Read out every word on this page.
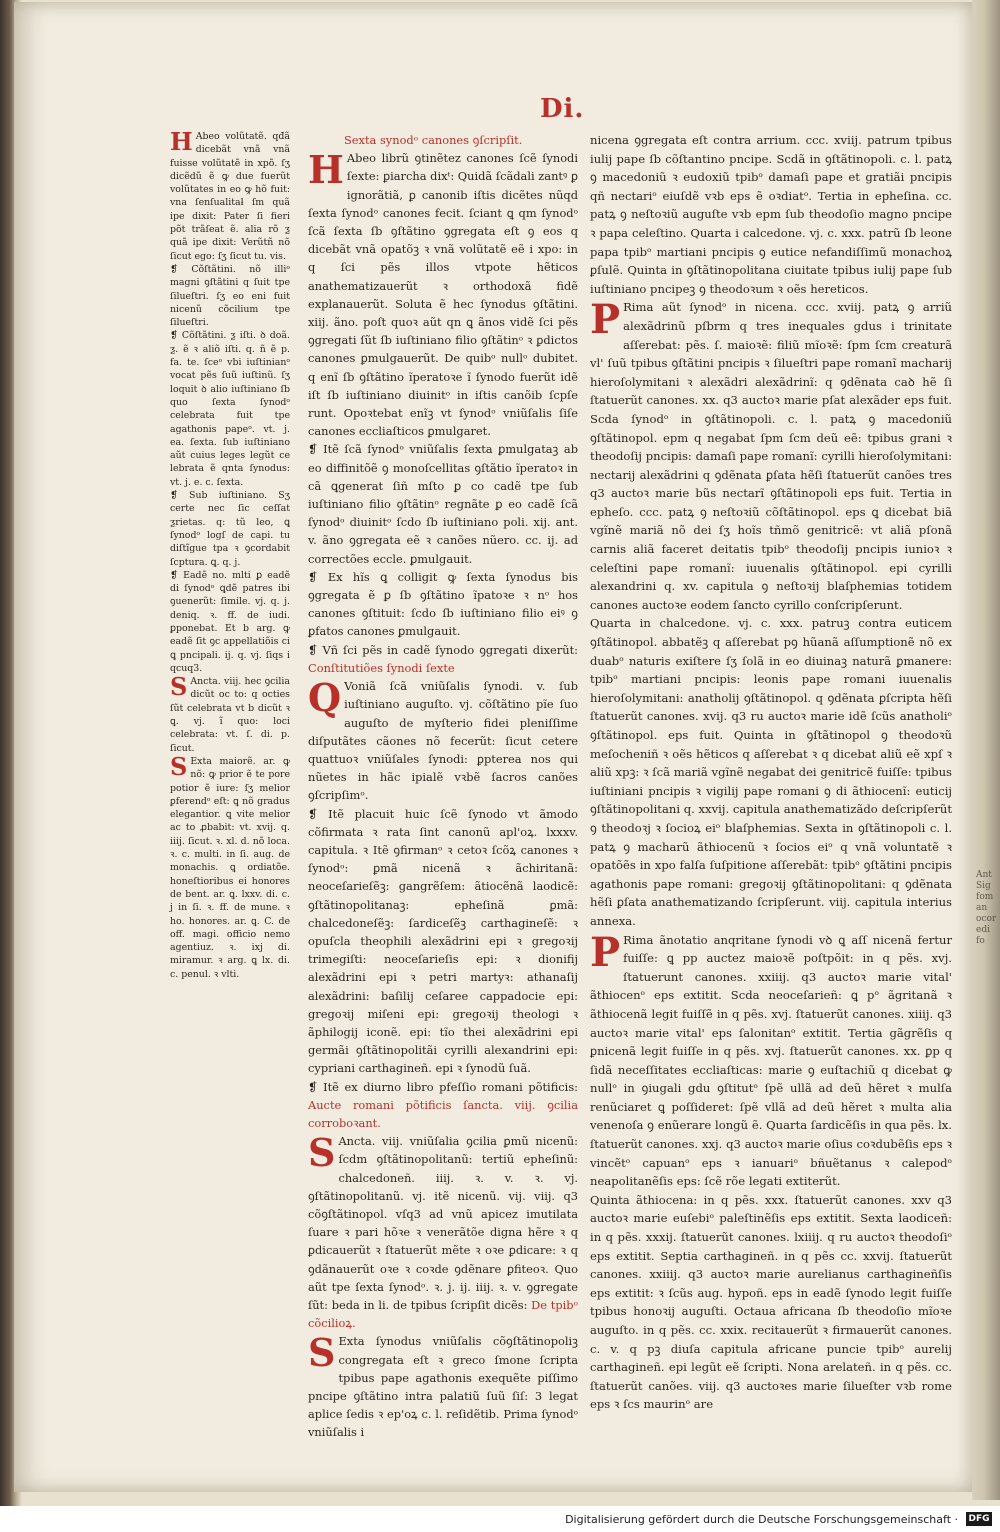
Ant Sig fom an ocor edi fo
Di.

H Abeo volũtatẽ. qđã dicebãt vnã vnã fuisse volũtatẽ in xpõ. ſʒ dicẽdũ ẽ ꝙ due fuerũt volũtates in eo ꝙ hõ fuit: vna ſenſualitaƚ ſm quã ipe dixit: Pater ſi fieri põt trãſeat ẽ. alia rõ ƺ quã ipe dixit: Verũtñ nõ ſicut ego: ſʒ ſicut tu. vis.

❡ Cõſtãtini. nõ illiᵒ magni ꝯſtãtini q ſuit tpe ſilueſtri. ſʒ eo eni fuit nicenũ cõcilium tpe ſilueſtri.

❡ Cõſtãtini. ƺ iſti. ꝺ doã. ƺ. ẽ ꝛ aliõ iſti. q. ñ ẽ p. fa. te. ſceᵒ vbi iuſtinianᵒ vocat pẽs ſuũ iuſtinũ. ſʒ loquit ꝺ alio iuſtiniano ſb quo ſexta ſynodᵒ celebrata fuit tpe agathonis papeᵒ. vt. j. ea. ſexta. ſub iuſtiniano aũt cuius leges legũt ce lebrata ẽ qnta ſynodus: vt. j. e. c. ſexta.

❡ Sub iuſtiniano. Sʒ certe nec ſic ceſſat ƺrietas. q: tũ leo, ꝗ ſynodᵒ logſ de capi. tu diſtĩgue tpa ꝛ ꝯcordabit ſcptura. ꝗ. q. j.

❡ Eadẽ no. mlti ꝑ eadẽ di ſynodᵒ ꝗdẽ patres ibi ꝯuenerũt: ſimile. vj. q. j. deniq. ꝛ. ff. de iudi. ꝑponebat. Et b arg. ꝙ eadẽ ſit ꝯc appellatiõis ci ꝗ pncipali. ij. q. vj. ſiqs i qcuq3.

S Ancta. viij. hec ꝯcilia dicũt oc to: q octies ſũt celebrata vt b dicũt ꝛ ꝗ. vj. ĩ quo: loci celebrata: vt. ſ. di. p. ſicut.

S Exta maiorẽ. ar. ꝙ nõ: ꝙ prior ẽ te pore potior ẽ iure: ſʒ melior ꝑferendᵒ eſt: ꝗ nõ gradus elegantior. ꝗ vite melior ac to ꝓbabit: vt. xvij. q. iiij. ſicut. ꝛ. xl. d. nõ loca. ꝛ. c. multi. in ſi. aug. de monachis. ꝗ ordiatõe. honeſtioribus ei honores de bent. ar. ꝗ. lxxv. di. c. j in ſi. ꝛ. ff. de mune. ꝛ ho. honores. ar. ꝗ. C. de off. magi. officio nemo agentiuz. ꝛ. ixj di. miramur. ꝛ arg. ꝗ lx. di. c. penul. ꝛ vlti.

Sexta synodᵒ canones ꝯſcripſit.

H Abeo librũ ꝯtinẽtez canones ſcẽ ſynodi ſexte: ꝑiarcha dixᵗ: Quidã ſcãdali zantꝰ ꝑ ignorãtiã, ꝑ canonib iſtis dicẽtes nũqd ſexta ſynodᵒ canones fecit. ſciant ꝗ qm ſynodᵒ ſcã ſexta ſb ꝯſtãtino ꝯgregata eſt ꝯ eos q dicebãt vnã opatõꝫ ꝛ vnã volũtatẽ eẽ i xpo: in q ſci pẽs illos vtpote hẽticos anathematizauerũt ꝛ orthodoxã fidẽ explanauerũt. Soluta ẽ hec ſynodus ꝯſtãtini. xiij. ãno. poſt quoꝛ aũt qn ꝗ ãnos vidẽ ſci pẽs ꝯgregati ſũt ſb iuſtiniano filio ꝯſtãtinᵒ ꝛ ꝑdictos canones ꝑmulgauerũt. De quibᵒ nullᵒ dubitet. q enĩ ſb ꝯſtãtino ĩperatoꝛe ĩ ſynodo fuerũt idẽ iſt ſb iuſtiniano diuinitᵒ in iſtis canõib ſcpſe runt. Opoꝛtebat enĩꝫ vt ſynodᵒ vniũſalis ſiſe canones eccliaſticos ꝑmulgaret.

❡ Itẽ ſcã ſynodᵒ vniũſalis ſexta ꝑmulgataꝫ ab eo diffinitõẽ ꝯ monoſcellitas ꝯſtãtio ĩperatoꝛ in cã ꝗgenerat ſiñ mſto ꝑ co cadẽ tpe ſub iuſtiniano filio ꝯſtãtinᵒ regnãte ꝑ eo cadẽ ſcã ſynodᵒ diuinitᵒ ſcdo ſb iuſtiniano poli. xij. ant. v. ãno ꝯgregata eẽ ꝛ canões nũero. cc. ij. ad correctões eccle. ꝑmulgauit.

❡ Ex hĩs ꝗ colligit ꝙ ſexta ſynodus bis ꝯgregata ẽ ꝑ ſb ꝯſtãtino ĩpatoꝛe ꝛ nᵒ hos canones ꝯſtituit: ſcdo ſb iuſtiniano filio eiꝰ ꝯ ꝑfatos canones ꝑmulgauit.

❡ Vñ ſci pẽs in cadẽ ſynodo ꝯgregati dixerũt: Conſtitutiões ſynodi ſexte

Q Voniã ſcã vniũſalis ſynodi. v. ſub iuſtiniano auguſto. vj. cõſtãtino pĩe ſuo auguſto de myſterio fidei pleniſſime diſputãtes cãones nõ fecerũt: ſicut cetere quattuoꝛ vniũſales ſynodi: ꝑpterea nos qui nũetes in hãc ipialẽ vꝛbẽ ſacros canões ꝯſcripſimᵒ.

❡ Itẽ placuit huic ſcẽ ſynodo vt ãmodo cõfirmata ꝛ rata ſint canonũ apl'oꝝ. lxxxv. capitula. ꝛ Itẽ ꝯfirmanᵒ ꝛ cetoꝛ ſcõꝝ canones ꝛ ſynodᵒ: ꝑmã nicenã ꝛ ãchiritanã: neoceſarieſẽꝫ: gangrẽſem: ãtiocẽnã laodicẽ: ꝯſtãtinopolitanaꝫ: epheſinã ꝑmã: chalcedoneſẽꝫ: ſardiceſẽꝫ carthagineſẽ: ꝛ opuſcla theophili alexãdrini epi ꝛ gregoꝛij trimegiſti: neoceſarieſis epi: ꝛ dionifij alexãdrini epi ꝛ petri martyꝛ: athanaſij alexãdrini: baſilij ceſaree cappadocie epi: gregoꝛij miſeni epi: gregoꝛij theologi ꝛ ãphilogij iconẽ. epi: tĩo thei alexãdrini epi germãi ꝯſtãtinopolitãi cyrilli alexandrini epi: cypriani carthagineñ. epi ꝛ ſynodũ ſuã.

❡ Itẽ ex diurno libro pfeſſio romani põtificis: Aucte romani põtificis ſancta. viij. ꝯcilia corroboꝛant.

S Ancta. viij. vniũſalia ꝯcilia ꝑmũ nicenũ: ſcdm ꝯſtãtinopolitanũ: tertiũ epheſinũ: chalcedoneñ. iiij. ꝛ. v. ꝛ. vj. ꝯſtãtinopolitanũ. vj. itẽ nicenũ. vij. viij. q3 cõꝯſtãtinopol. vſq3 ad vnũ apicez imutilata ſuare ꝛ pari hõꝛe ꝛ venerãtõe digna hẽre ꝛ q ꝑdicauerũt ꝛ ſtatuerũt mẽte ꝛ oꝛe ꝑdicare: ꝛ q ꝯdãnauerũt oꝛe ꝛ coꝛde ꝯdẽnare ꝑfiteoꝛ. Quo aũt tpe ſexta ſynodᵒ. ꝛ. j. ij. iiij. ꝛ. v. ꝯgregate ſũt: beda in li. de tpibus ſcripſit dicẽs: De tpibᵒ cõcilioꝝ.

S Exta ſynodus vniũſalis cõꝯſtãtinopoliꝫ congregata eſt ꝛ greco ſmone ſcripta tpibus pape agathonis exequẽte piſſimo pncipe ꝯſtãtino intra palatiũ ſuũ ſiſ: 3 legat aplice ſedis ꝛ ep'oꝝ c. l. reſidẽtib. Prima ſynodᵒ vniũſalis i

nicena ꝯgregata eſt contra arrium. ccc. xviij. patrum tpibus iulij pape ſb cõſtantino pncipe. Scdã in ꝯſtãtinopoli. c. l. patꝝ ꝯ macedoniũ ꝛ eudoxiũ tpibᵒ damaſi pape et gratiãi pncipis qñ nectariᵒ eiuſdẽ vꝛb eps ẽ oꝛdiatᵒ. Tertia in epheſina. cc. patꝝ ꝯ neſtoꝛiũ auguſte vꝛb epm ſub theodoſio magno pncipe ꝛ papa celeſtino. Quarta i calcedone. vj. c. xxx. patrũ ſb leone papa tpibᵒ martiani pncipis ꝯ eutice nefandiſſimũ monachoꝝ ꝑſulẽ. Quinta in ꝯſtãtinopolitana ciuitate tpibus iulij pape ſub iuſtiniano pncipeꝫ ꝯ theodoꝛum ꝛ oẽs hereticos.

P Rima aũt ſynodᵒ in nicena. ccc. xviij. patꝝ ꝯ arriũ alexãdrinũ pſbrm q tres inequales gdus i trinitate aſſerebat: pẽs. ſ. maioꝛẽ: filiũ mĩoꝛẽ: ſpm ſcm creaturã vl' ſuũ tpibus ꝯſtãtini pncipis ꝛ ſilueſtri pape romanĩ macharij hieroſolymitani ꝛ alexãdri alexãdrinĩ: q ꝯdẽnata caꝺ hẽ ſi ſtatuerũt canones. xx. q3 auctoꝛ marie pſat alexãder eps fuit. Scda ſynodᵒ in ꝯſtãtinopoli. c. l. patꝝ ꝯ macedoniũ ꝯſtãtinopol. epm q negabat ſpm ſcm deũ eẽ: tpibus grani ꝛ theodoſij pncipis: damaſi pape romanĩ: cyrilli hieroſolymitani: nectarij alexãdrini q ꝯdẽnata ꝑſata hẽſi ſtatuerũt canões tres q3 auctoꝛ marie bũs nectarĩ ꝯſtãtinopoli eps fuit. Tertia in epheſo. ccc. patꝝ ꝯ neſtoꝛiũ cõſtãtinopol. eps ꝗ dicebat biã vgĩnẽ mariã nõ dei ſʒ hoĩs tñmõ genitricẽ: vt aliã pſonã carnis aliã faceret deitatis tpibᵒ theodoſij pncipis iunioꝛ ꝛ celeſtini pape romanĩ: iuuenalis ꝯſtãtinopol. epi cyrilli alexandrini q. xv. capitula ꝯ neſtoꝛij blaſphemias totidem canones auctoꝛe eodem ſancto cyrillo conſcripſerunt.

Quarta in chalcedone. vj. c. xxx. patruꝫ contra euticem ꝯſtãtinopol. abbatẽꝫ q aſſerebat pꝯ hũanã aſſumptionẽ nõ ex duabᵒ naturis exiſtere ſʒ ſolã in eo diuinaꝫ naturã ꝑmanere: tpibᵒ martiani pncipis: leonis pape romani iuuenalis hieroſolymitani: anatholij ꝯſtãtinopol. q ꝯdẽnata ꝑſcripta hẽſi ſtatuerũt canones. xvij. q3 ru auctoꝛ marie idẽ ſcũs anatholiᵒ ꝯſtãtinopol. eps fuit. Quinta in ꝯſtãtinopol ꝯ theodoꝛũ meſocheniñ ꝛ oẽs hẽticos q aſſerebat ꝛ q dicebat aliũ eẽ xpſ ꝛ aliũ xpꝫ: ꝛ ſcã mariã vgĩnẽ negabat dei genitricẽ fuiſſe: tpibus iuſtiniani pncipis ꝛ vigilij pape romani ꝯ di ãthiocenĩ: euticij ꝯſtãtinopolitani q. xxvij. capitula anathematizãdo deſcripſerũt ꝯ theodoꝛj ꝛ ſocioꝝ eiᵒ blaſphemias. Sexta in ꝯſtãtinopoli c. l. patꝝ ꝯ macharũ ãthiocenũ ꝛ ſocios eiᵒ q vnã voluntatẽ ꝛ opatõẽs in xpo falſa ſuſpitione aſſerebãt: tpibᵒ ꝯſtãtini pncipis agathonis pape romani: gregoꝛij ꝯſtãtinopolitani: q ꝯdẽnata hẽſi ꝑſata anathematizando ſcripſerunt. viij. capitula interius annexa.

P Rima ãnotatio anqritane ſynodi vꝺ ꝗ aſſ nicenã fertur fuiſſe: ꝗ pp auctez maioꝛẽ poſtpõit: in q pẽs. xvj. ſtatuerunt canones. xxiiij. q3 auctoꝛ marie vital' ãthiocenᵒ eps extitit. Scda neoceſarieñ: ꝗ pᵒ ãgritanã ꝛ ãthiocenã legit fuiſſẽ in q pẽs. xvj. ſtatuerũt canones. xiiij. q3 auctoꝛ marie vital' eps ſalonitanᵒ extitit. Tertia gãgrẽſis q ꝑnicenã legit fuiſſe in q pẽs. xvj. ſtatuerũt canones. xx. ꝑp q ſidã neceſſitates eccliaſticas: marie ꝯ euſtachiũ q dicebat ꝙ nullᵒ in ꝯiugali gdu ꝯſtitutᵒ ſpẽ ullã ad deũ hẽret ꝛ mulſa renũciaret ꝗ poſſideret: ſpẽ vllã ad deũ hẽret ꝛ multa alia venenoſa ꝯ enũerare longũ ẽ. Quarta ſardicẽſis in qua pẽs. lx. ſtatuerũt canones. xxj. q3 auctoꝛ marie oſius coꝛdubẽſis eps ꝛ vincẽtᵒ capuanᵒ eps ꝛ ianuariᵒ bñuẽtanus ꝛ calepodᵒ neapolitanẽſis eps: ſcẽ rõe legati extiterũt.

Quinta ãthiocena: in q pẽs. xxx. ſtatuerũt canones. xxv q3 auctoꝛ marie euſebiᵒ paleſtinẽſis eps extitit. Sexta laodiceñ: in q pẽs. xxxij. ſtatuerũt canones. lxiiij. q ru auctoꝛ theodoſiᵒ eps extitit. Septia carthagineñ. in q pẽs cc. xxvij. ſtatuerũt canones. xxiiij. q3 auctoꝛ marie aurelianus carthagineñſis eps extitit: ꝛ ſcũs aug. hypoñ. eps in eadẽ ſynodo legit fuiſſe tpibus honoꝛij auguſti. Octaua africana ſb theodoſio mĩoꝛe auguſto. in q pẽs. cc. xxix. recitauerũt ꝛ firmauerũt canones. c. v. q pꝫ diuſa capitula africane puncie tpibᵒ aurelij carthagineñ. epi legũt eẽ ſcripti. Nona arelateñ. in q pẽs. cc. ſtatuerũt canões. viij. q3 auctoꝛes marie ſilueſter vꝛb rome eps ꝛ ſcs maurinᵒ are

Digitalisierung gefördert durch die Deutsche Forschungsgemeinschaft · DFG
